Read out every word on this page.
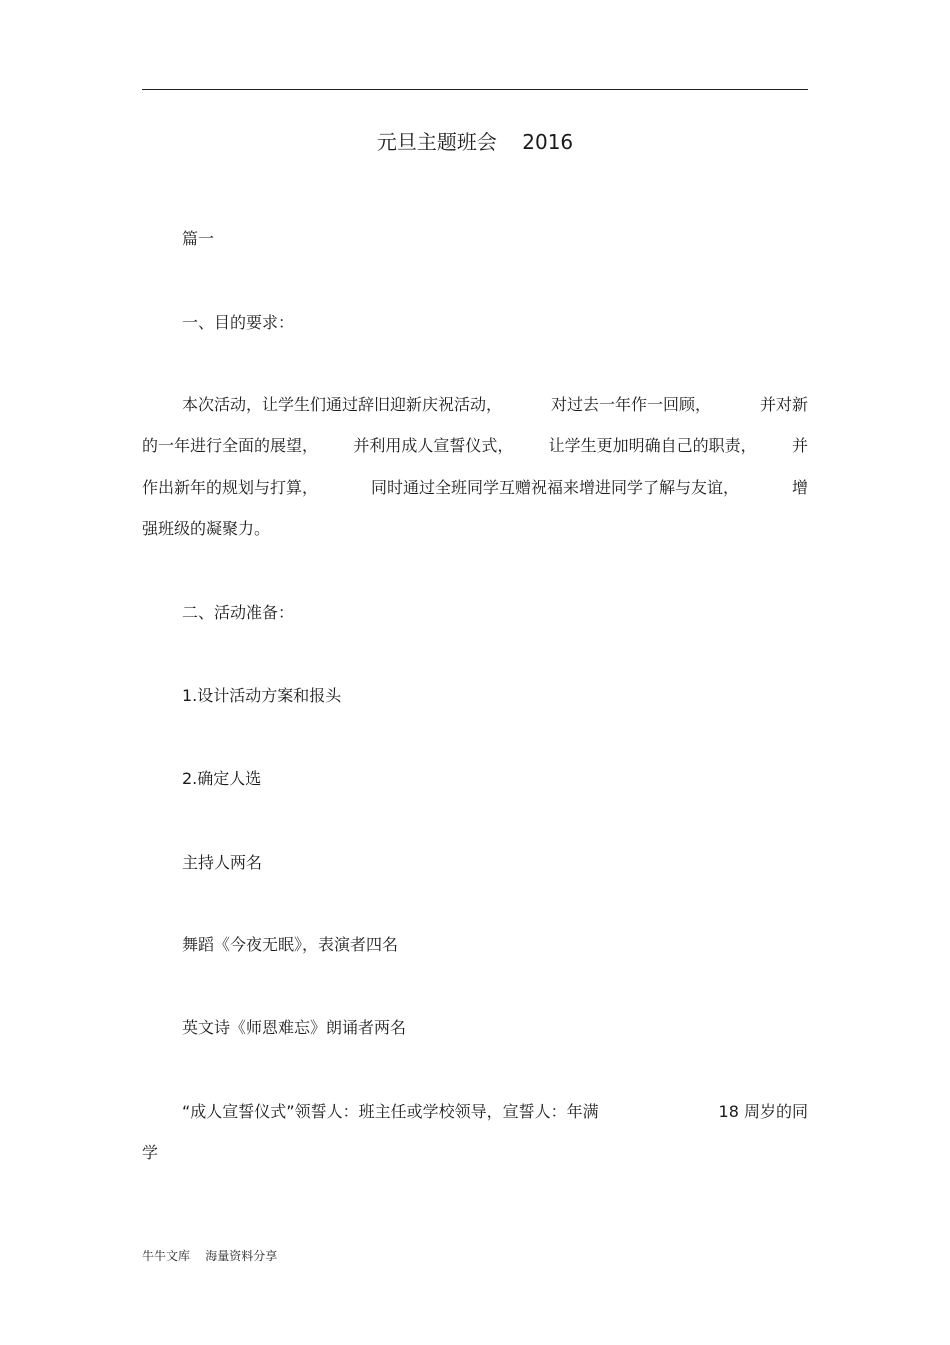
元旦主题班会    2016
篇一
一、目的要求：
本次活动，让学生们通过辞旧迎新庆祝活动，	对过去一年作一回顾，	并对新
的一年进行全面的展望， 并利用成人宣誓仪式， 让学生更加明确自己的职责， 并
作出新年的规划与打算，	同时通过全班同学互赠祝福来增进同学了解与友谊，	增
强班级的凝聚力。
二、活动准备：
1.设计活动方案和报头
2.确定人选
主持人两名
舞蹈《今夜无眠》，表演者四名
英文诗《师恩难忘》朗诵者两名
“成人宣誓仪式”领誓人：班主任或学校领导，宣誓人：年满	18 周岁的同
学
牛牛文库    海量资料分享
